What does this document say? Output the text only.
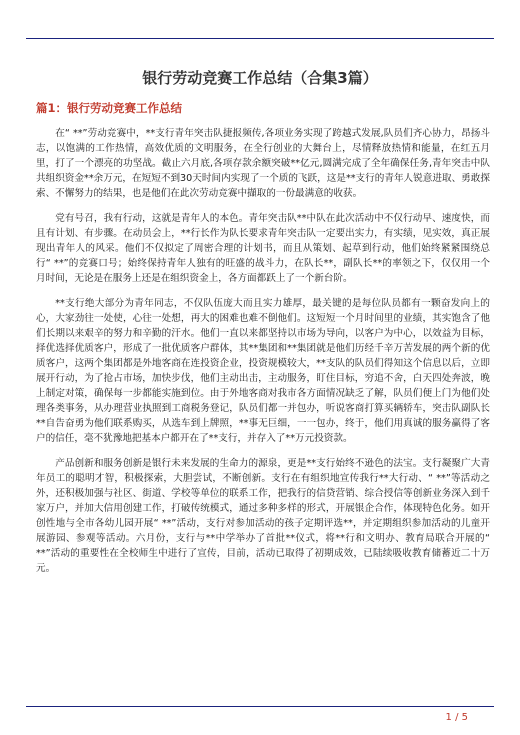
银行劳动竞赛工作总结（合集3篇）
篇1：银行劳动竞赛工作总结

在“ **”劳动竞赛中，**支行青年突击队捷报频传,各项业务实现了跨越式发展,队员们齐心协力，昂扬斗志，以饱满的工作热情，高效优质的文明服务，在全行创业的大舞台上，尽情释放热情和能量，在红五月里，打了一个漂亮的功坚战。截止六月底,各项存款余额突破**亿元,圆满完成了全年确保任务,青年突击中队共组织资金**余万元，在短短不到30天时间内实现了一个质的飞跃，这是**支行的青年人锐意进取、勇敢探索、不懈努力的结果，也是他们在此次劳动竞赛中擷取的一份最满意的收获。

党有号召，我有行动，这就是青年人的本色。青年突击队**中队在此次活动中不仅行动早、速度快，而且有计划、有步骤。在动员会上，**行长作为队长要求青年突击队一定要出实力，有实绩，见实效，真正展现出青年人的风采。他们不仅拟定了周密合理的计划书，而且从策划、起草到行动，他们始终紧紧围绕总行“ **”的竞赛口号；始终保持青年人独有的旺盛的战斗力，在队长**，副队长**的率领之下，仅仅用一个月时间，无论是在服务上还是在组织资金上，各方面都跃上了一个新台阶。

**支行绝大部分为青年同志，不仅队伍庞大而且实力雄厚，最关键的是每位队员都有一颗奋发向上的心，大家劲往一处使，心往一处想，再大的困难也难不倒他们。这短短一个月时间里的业绩，其实饱含了他们长期以来艰辛的努力和辛勤的汗水。他们一直以来都坚持以市场为导向，以客户为中心，以效益为目标，择优选择优质客户，形成了一批优质客户群体，其**集团和**集团就是他们历经千辛万苦发展的两个新的优质客户，这两个集团都是外地客商在连投资企业，投资规模较大，**支队的队员们得知这个信息以后，立即展开行动，为了抢占市场，加快步伐，他们主动出击，主动服务，盯住目标，穷追不舍，白天四处奔波，晚上制定对策，确保每一步都能实施到位。由于外地客商对我市各方面情况缺乏了解，队员们便上门为他们处理各类事务，从办理营业执照到工商税务登记，队员们都一并包办，听说客商打算买辆轿车，突击队副队长**自告奋勇为他们联系购买，从选车到上牌照，**事无巨细，一一包办，终于，他们用真诚的服务赢得了客户的信任，毫不犹豫地把基本户都开在了**支行，并存入了**万元投资款。

产品创新和服务创新是银行未来发展的生命力的源泉，更是**支行始终不逊色的法宝。支行凝聚广大青年员工的聪明才智，积极探索，大胆尝试，不断创新。支行在有组织地宣传我行**大行动、“ **”等活动之外，还积极加强与社区、街道、学校等单位的联系工作，把我行的信贷营销、综合授信等创新业务深入到千家万户，并加大信用创建工作，打破传统模式，通过多种多样的形式，开展银企合作，体现特色化务。如开创性地与全市各幼儿园开展“ **”活动，支行对参加活动的孩子定期评选**，并定期组织参加活动的儿童开展游园、参观等活动。六月份，支行与**中学举办了首批**仪式，将**行和文明办、教育局联合开展的“ **”活动的重要性在全校师生中进行了宣传，目前，活动已取得了初期成效，已陆续吸收教育储蓄近二十万元。

1 / 5
